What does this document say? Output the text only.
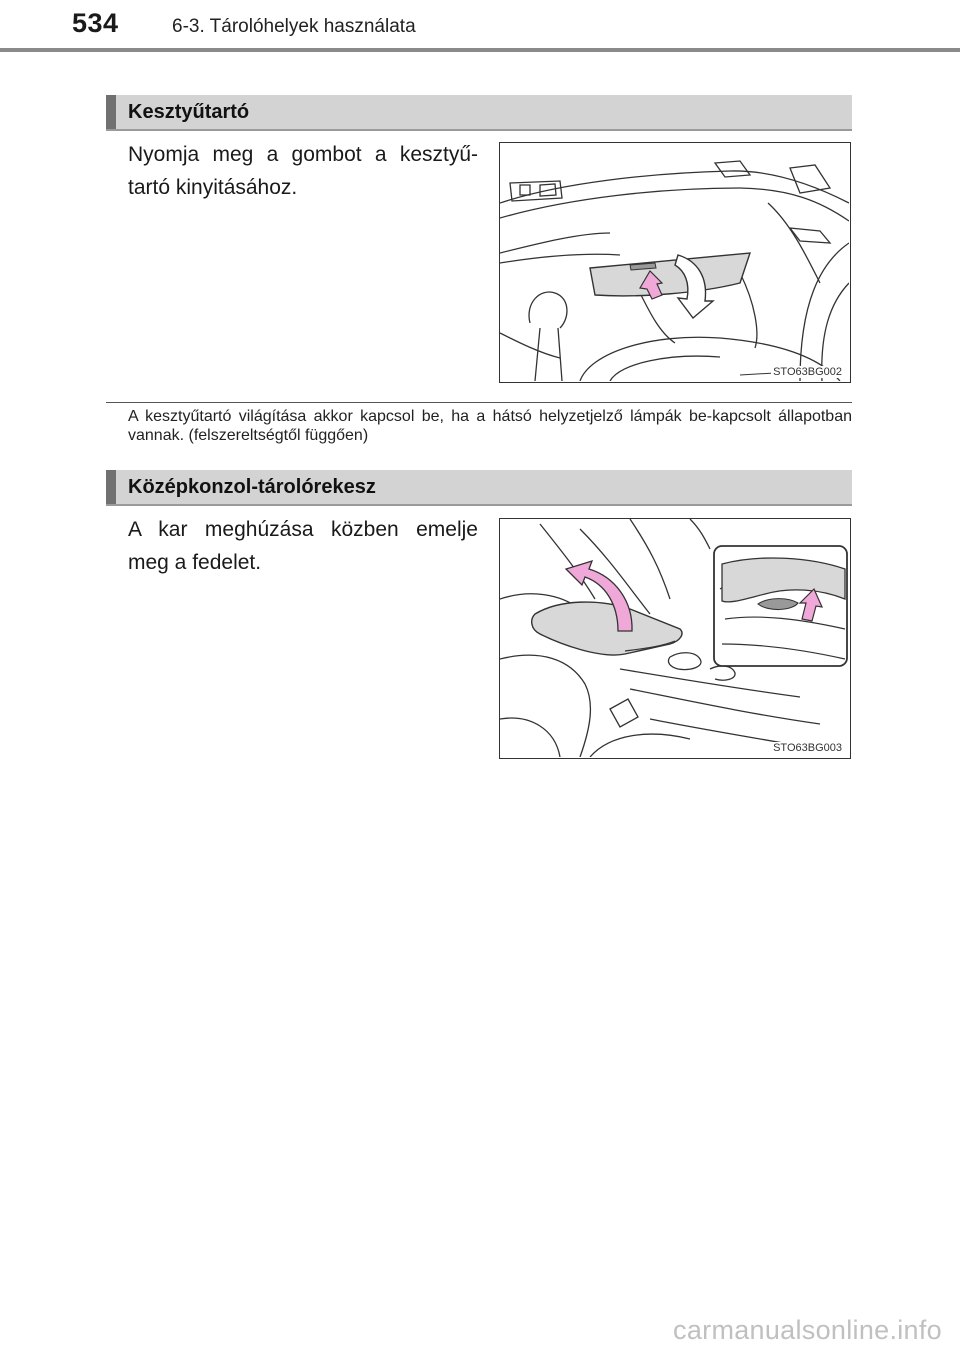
534	6-3. Tárolóhelyek használata
Kesztyűtartó
Nyomja meg a gombot a kesztyű-tartó kinyitásához.
STO63BG002
A kesztyűtartó világítása akkor kapcsol be, ha a hátsó helyzetjelző lámpák be-kapcsolt állapotban vannak. (felszereltségtől függően)
Középkonzol-tárolórekesz
A kar meghúzása közben emelje meg a fedelet.
STO63BG003
carmanualsonline.info
